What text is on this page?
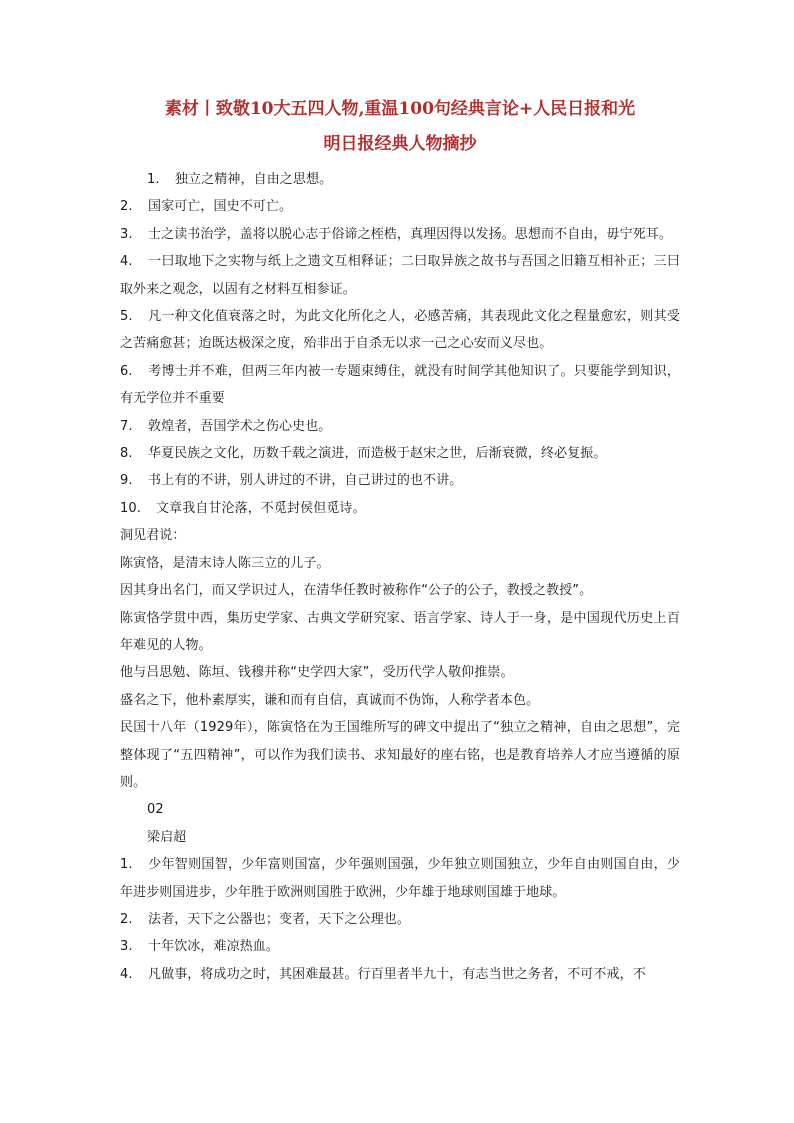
素材丨致敬10大五四人物,重温100句经典言论+人民日报和光
明日报经典人物摘抄

1. 独立之精神，自由之思想。

2. 国家可亡，国史不可亡。

3. 士之读书治学，盖将以脱心志于俗谛之桎梏，真理因得以发扬。思想而不自由，毋宁死耳。

4. 一曰取地下之实物与纸上之遗文互相释证；二曰取异族之故书与吾国之旧籍互相补正；三曰取外来之观念，以固有之材料互相参证。

5. 凡一种文化值衰落之时，为此文化所化之人，必感苦痛，其表现此文化之程量愈宏，则其受之苦痛愈甚；迨既达极深之度，殆非出于自杀无以求一己之心安而义尽也。

6. 考博士并不难，但两三年内被一专题束缚住，就没有时间学其他知识了。只要能学到知识，有无学位并不重要

7. 敦煌者，吾国学术之伤心史也。

8. 华夏民族之文化，历数千载之演进，而造极于赵宋之世，后渐衰微，终必复振。

9. 书上有的不讲，别人讲过的不讲，自己讲过的也不讲。

10. 文章我自甘沦落，不觅封侯但觅诗。

洞见君说：

陈寅恪，是清末诗人陈三立的儿子。

因其身出名门，而又学识过人，在清华任教时被称作“公子的公子，教授之教授”。

陈寅恪学贯中西，集历史学家、古典文学研究家、语言学家、诗人于一身，是中国现代历史上百年难见的人物。

他与吕思勉、陈垣、钱穆并称“史学四大家”，受历代学人敬仰推崇。

盛名之下，他朴素厚实，谦和而有自信，真诚而不伪饰，人称学者本色。

民国十八年（1929年），陈寅恪在为王国维所写的碑文中提出了“独立之精神，自由之思想”，完整体现了“五四精神”，可以作为我们读书、求知最好的座右铭，也是教育培养人才应当遵循的原则。

02

梁启超

1. 少年智则国智，少年富则国富，少年强则国强，少年独立则国独立，少年自由则国自由，少年进步则国进步，少年胜于欧洲则国胜于欧洲，少年雄于地球则国雄于地球。

2. 法者，天下之公器也；变者，天下之公理也。

3. 十年饮冰，难凉热血。

4. 凡做事，将成功之时，其困难最甚。行百里者半九十，有志当世之务者，不可不戒，不
